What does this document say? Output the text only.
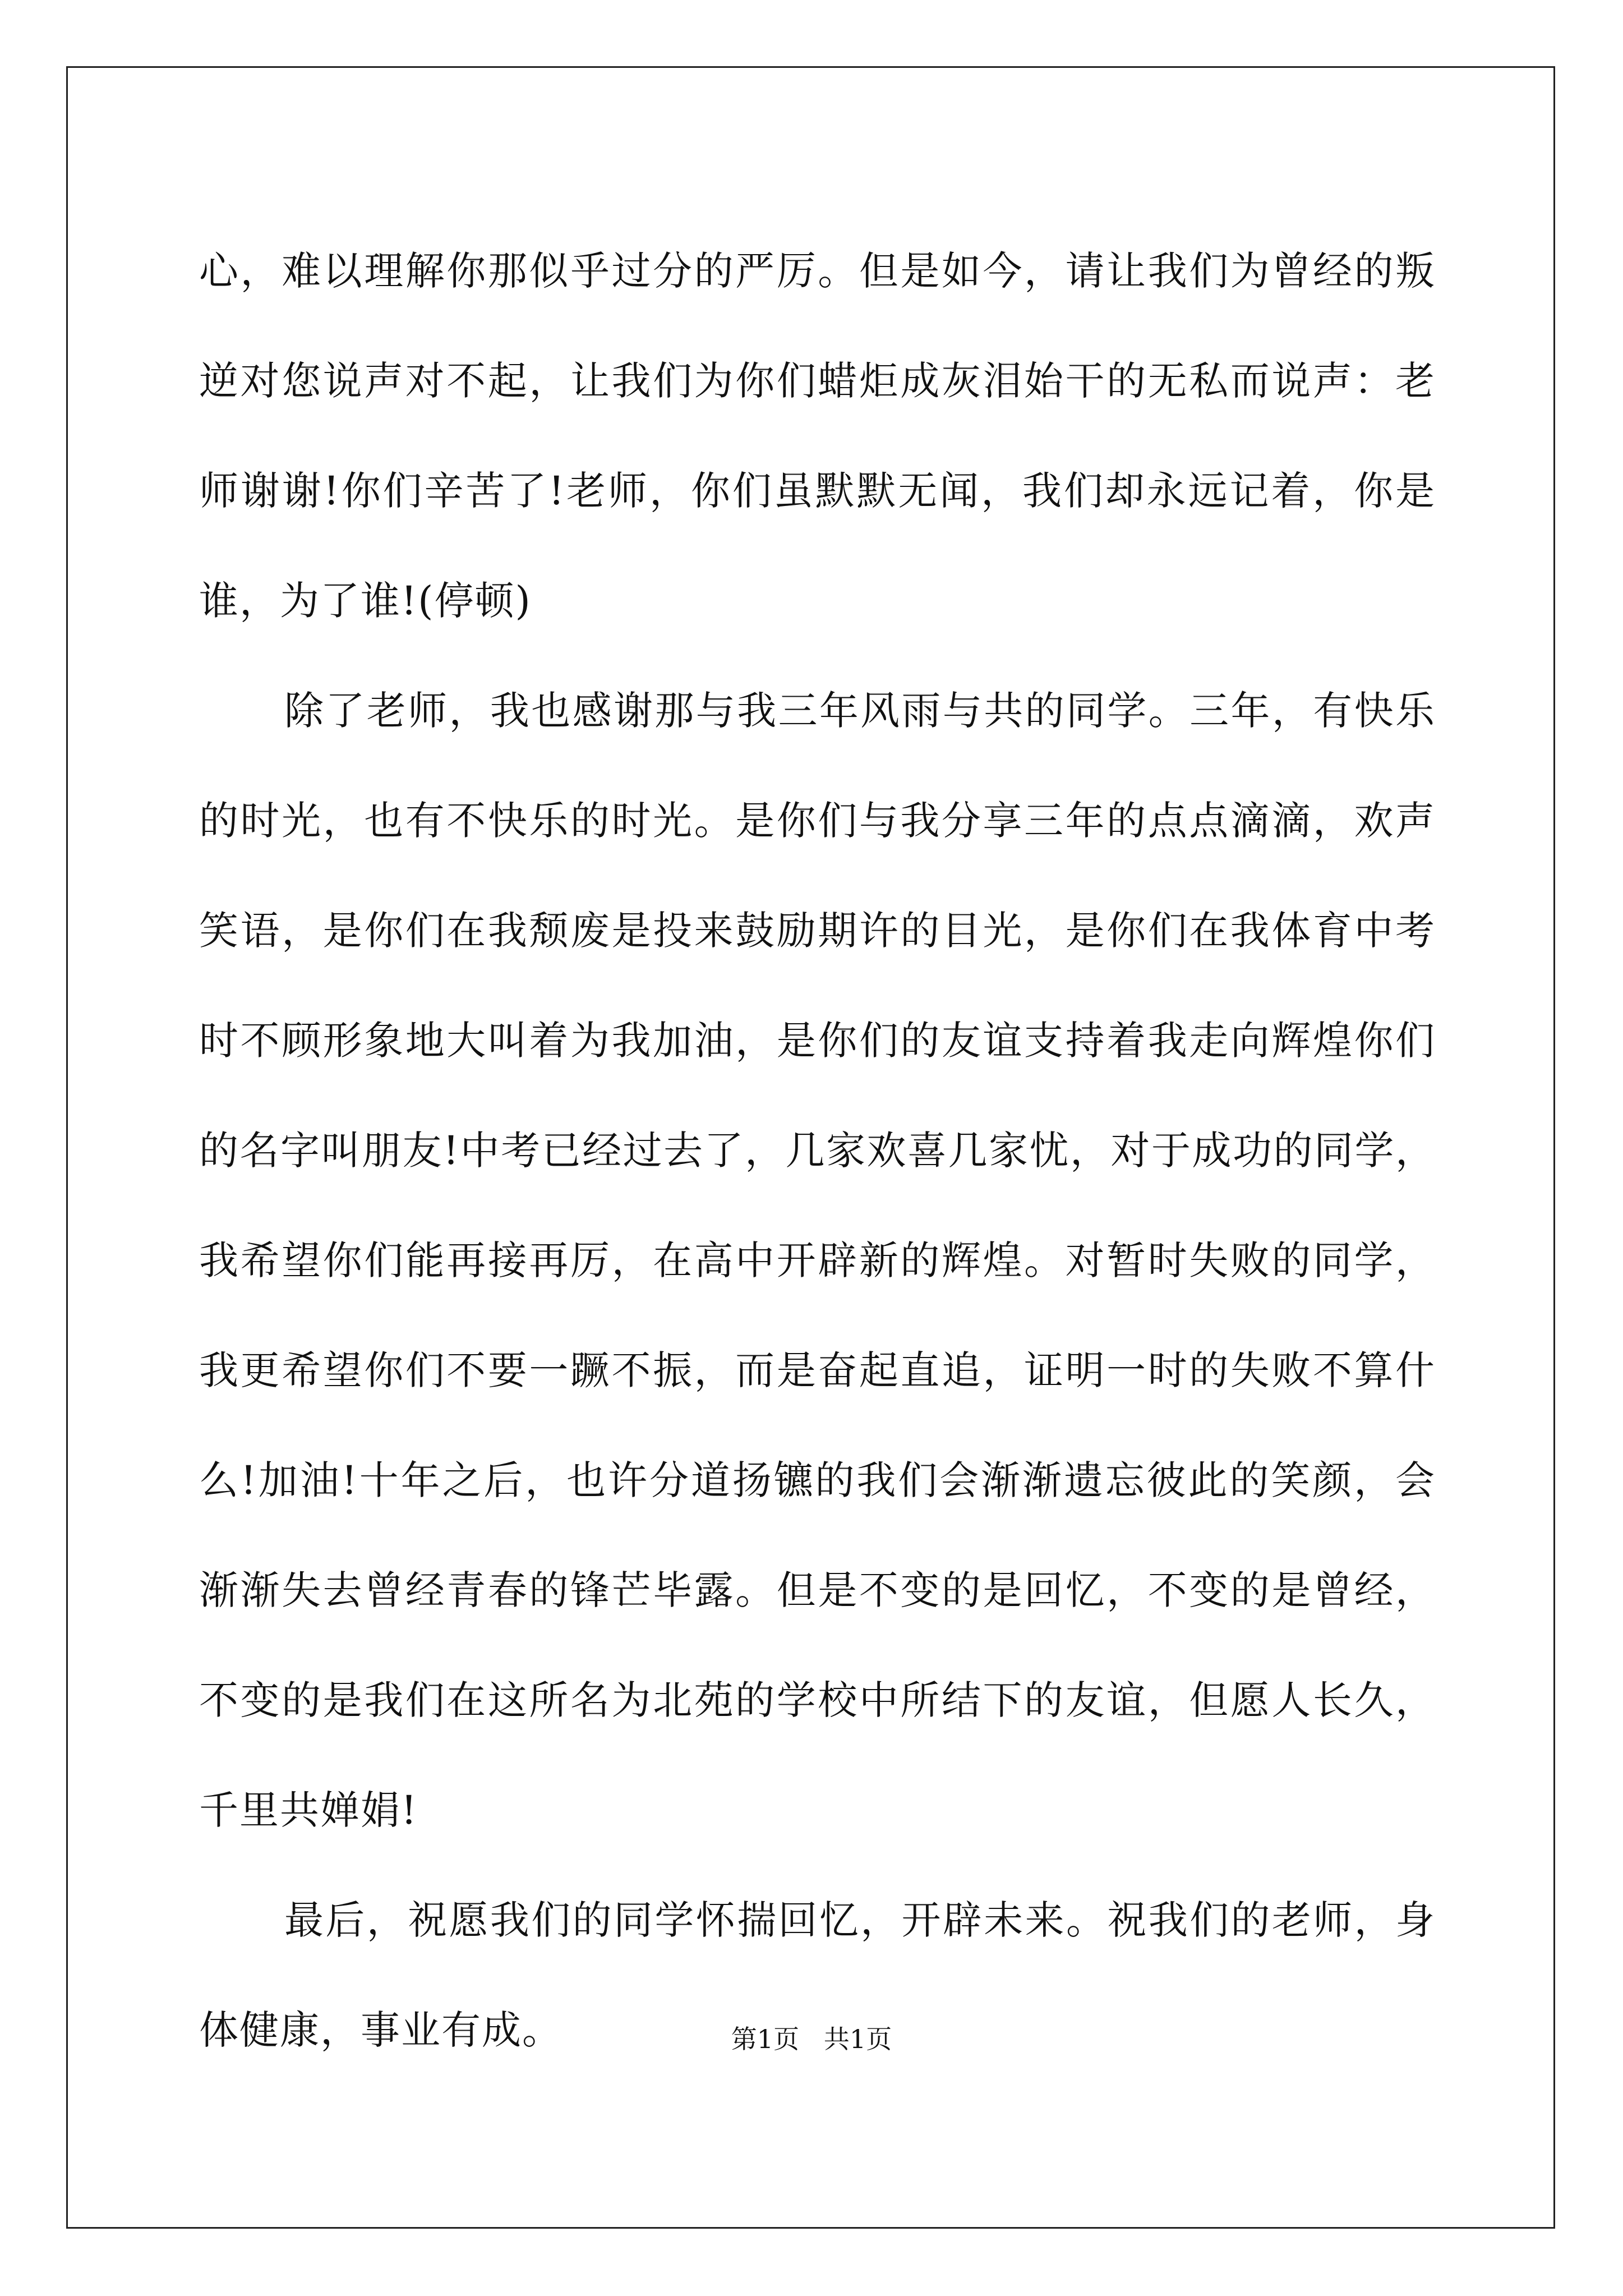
心，难以理解你那似乎过分的严厉。但是如今，请让我们为曾经的叛
逆对您说声对不起，让我们为你们蜡炬成灰泪始干的无私而说声：老
师谢谢!你们辛苦了!老师，你们虽默默无闻，我们却永远记着，你是
谁，为了谁!(停顿)
除了老师，我也感谢那与我三年风雨与共的同学。三年，有快乐
的时光，也有不快乐的时光。是你们与我分享三年的点点滴滴，欢声
笑语，是你们在我颓废是投来鼓励期许的目光，是你们在我体育中考
时不顾形象地大叫着为我加油，是你们的友谊支持着我走向辉煌你们
的名字叫朋友!中考已经过去了，几家欢喜几家忧，对于成功的同学，
我希望你们能再接再厉，在高中开辟新的辉煌。对暂时失败的同学，
我更希望你们不要一蹶不振，而是奋起直追，证明一时的失败不算什
么!加油!十年之后，也许分道扬镳的我们会渐渐遗忘彼此的笑颜，会
渐渐失去曾经青春的锋芒毕露。但是不变的是回忆，不变的是曾经，
不变的是我们在这所名为北苑的学校中所结下的友谊，但愿人长久，
千里共婵娟!
最后，祝愿我们的同学怀揣回忆，开辟未来。祝我们的老师，身
体健康，事业有成。	第1页   共1页
